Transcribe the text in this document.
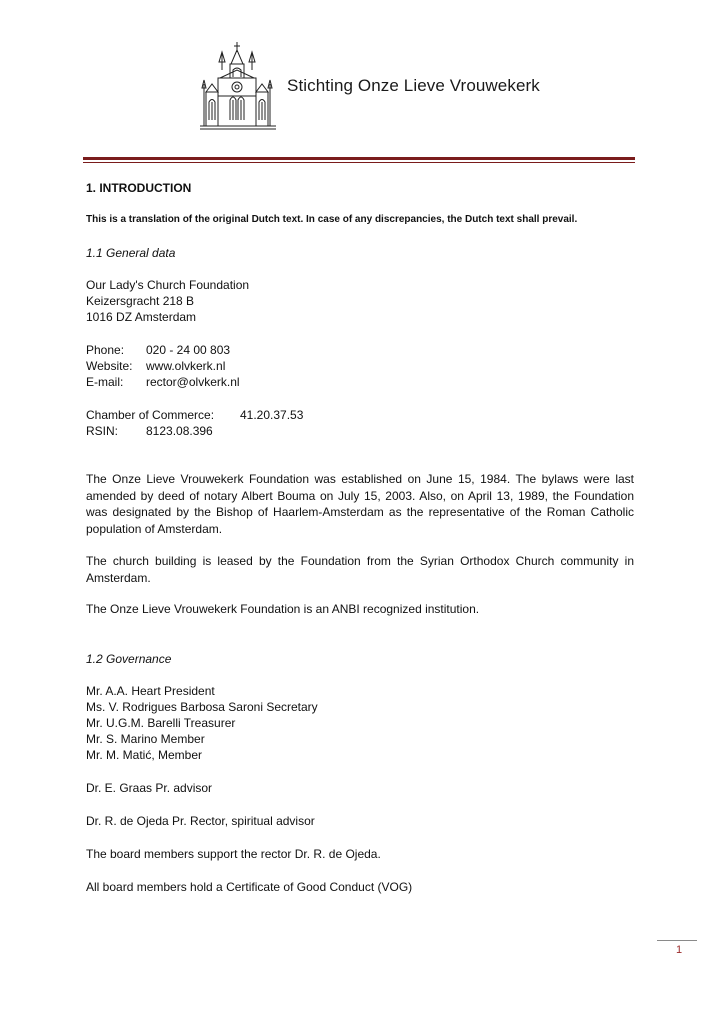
Stichting Onze Lieve Vrouwekerk
1. INTRODUCTION
This is a translation of the original Dutch text. In case of any discrepancies, the Dutch text shall prevail.
1.1 General data
Our Lady's Church Foundation
Keizersgracht 218 B
1016 DZ Amsterdam
Phone: 020 - 24 00 803
Website: www.olvkerk.nl
E-mail: rector@olvkerk.nl
Chamber of Commerce: 41.20.37.53
RSIN: 8123.08.396
The Onze Lieve Vrouwekerk Foundation was established on June 15, 1984. The bylaws were last amended by deed of notary Albert Bouma on July 15, 2003. Also, on April 13, 1989, the Foundation was designated by the Bishop of Haarlem-Amsterdam as the representative of the Roman Catholic population of Amsterdam.
The church building is leased by the Foundation from the Syrian Orthodox Church community in Amsterdam.
The Onze Lieve Vrouwekerk Foundation is an ANBI recognized institution.
1.2 Governance
Mr. A.A. Heart President
Ms. V. Rodrigues Barbosa Saroni Secretary
Mr. U.G.M. Barelli Treasurer
Mr. S. Marino Member
Mr. M. Matić, Member
Dr. E. Graas Pr. advisor
Dr. R. de Ojeda Pr. Rector, spiritual advisor
The board members support the rector Dr. R. de Ojeda.
All board members hold a Certificate of Good Conduct (VOG)
1
